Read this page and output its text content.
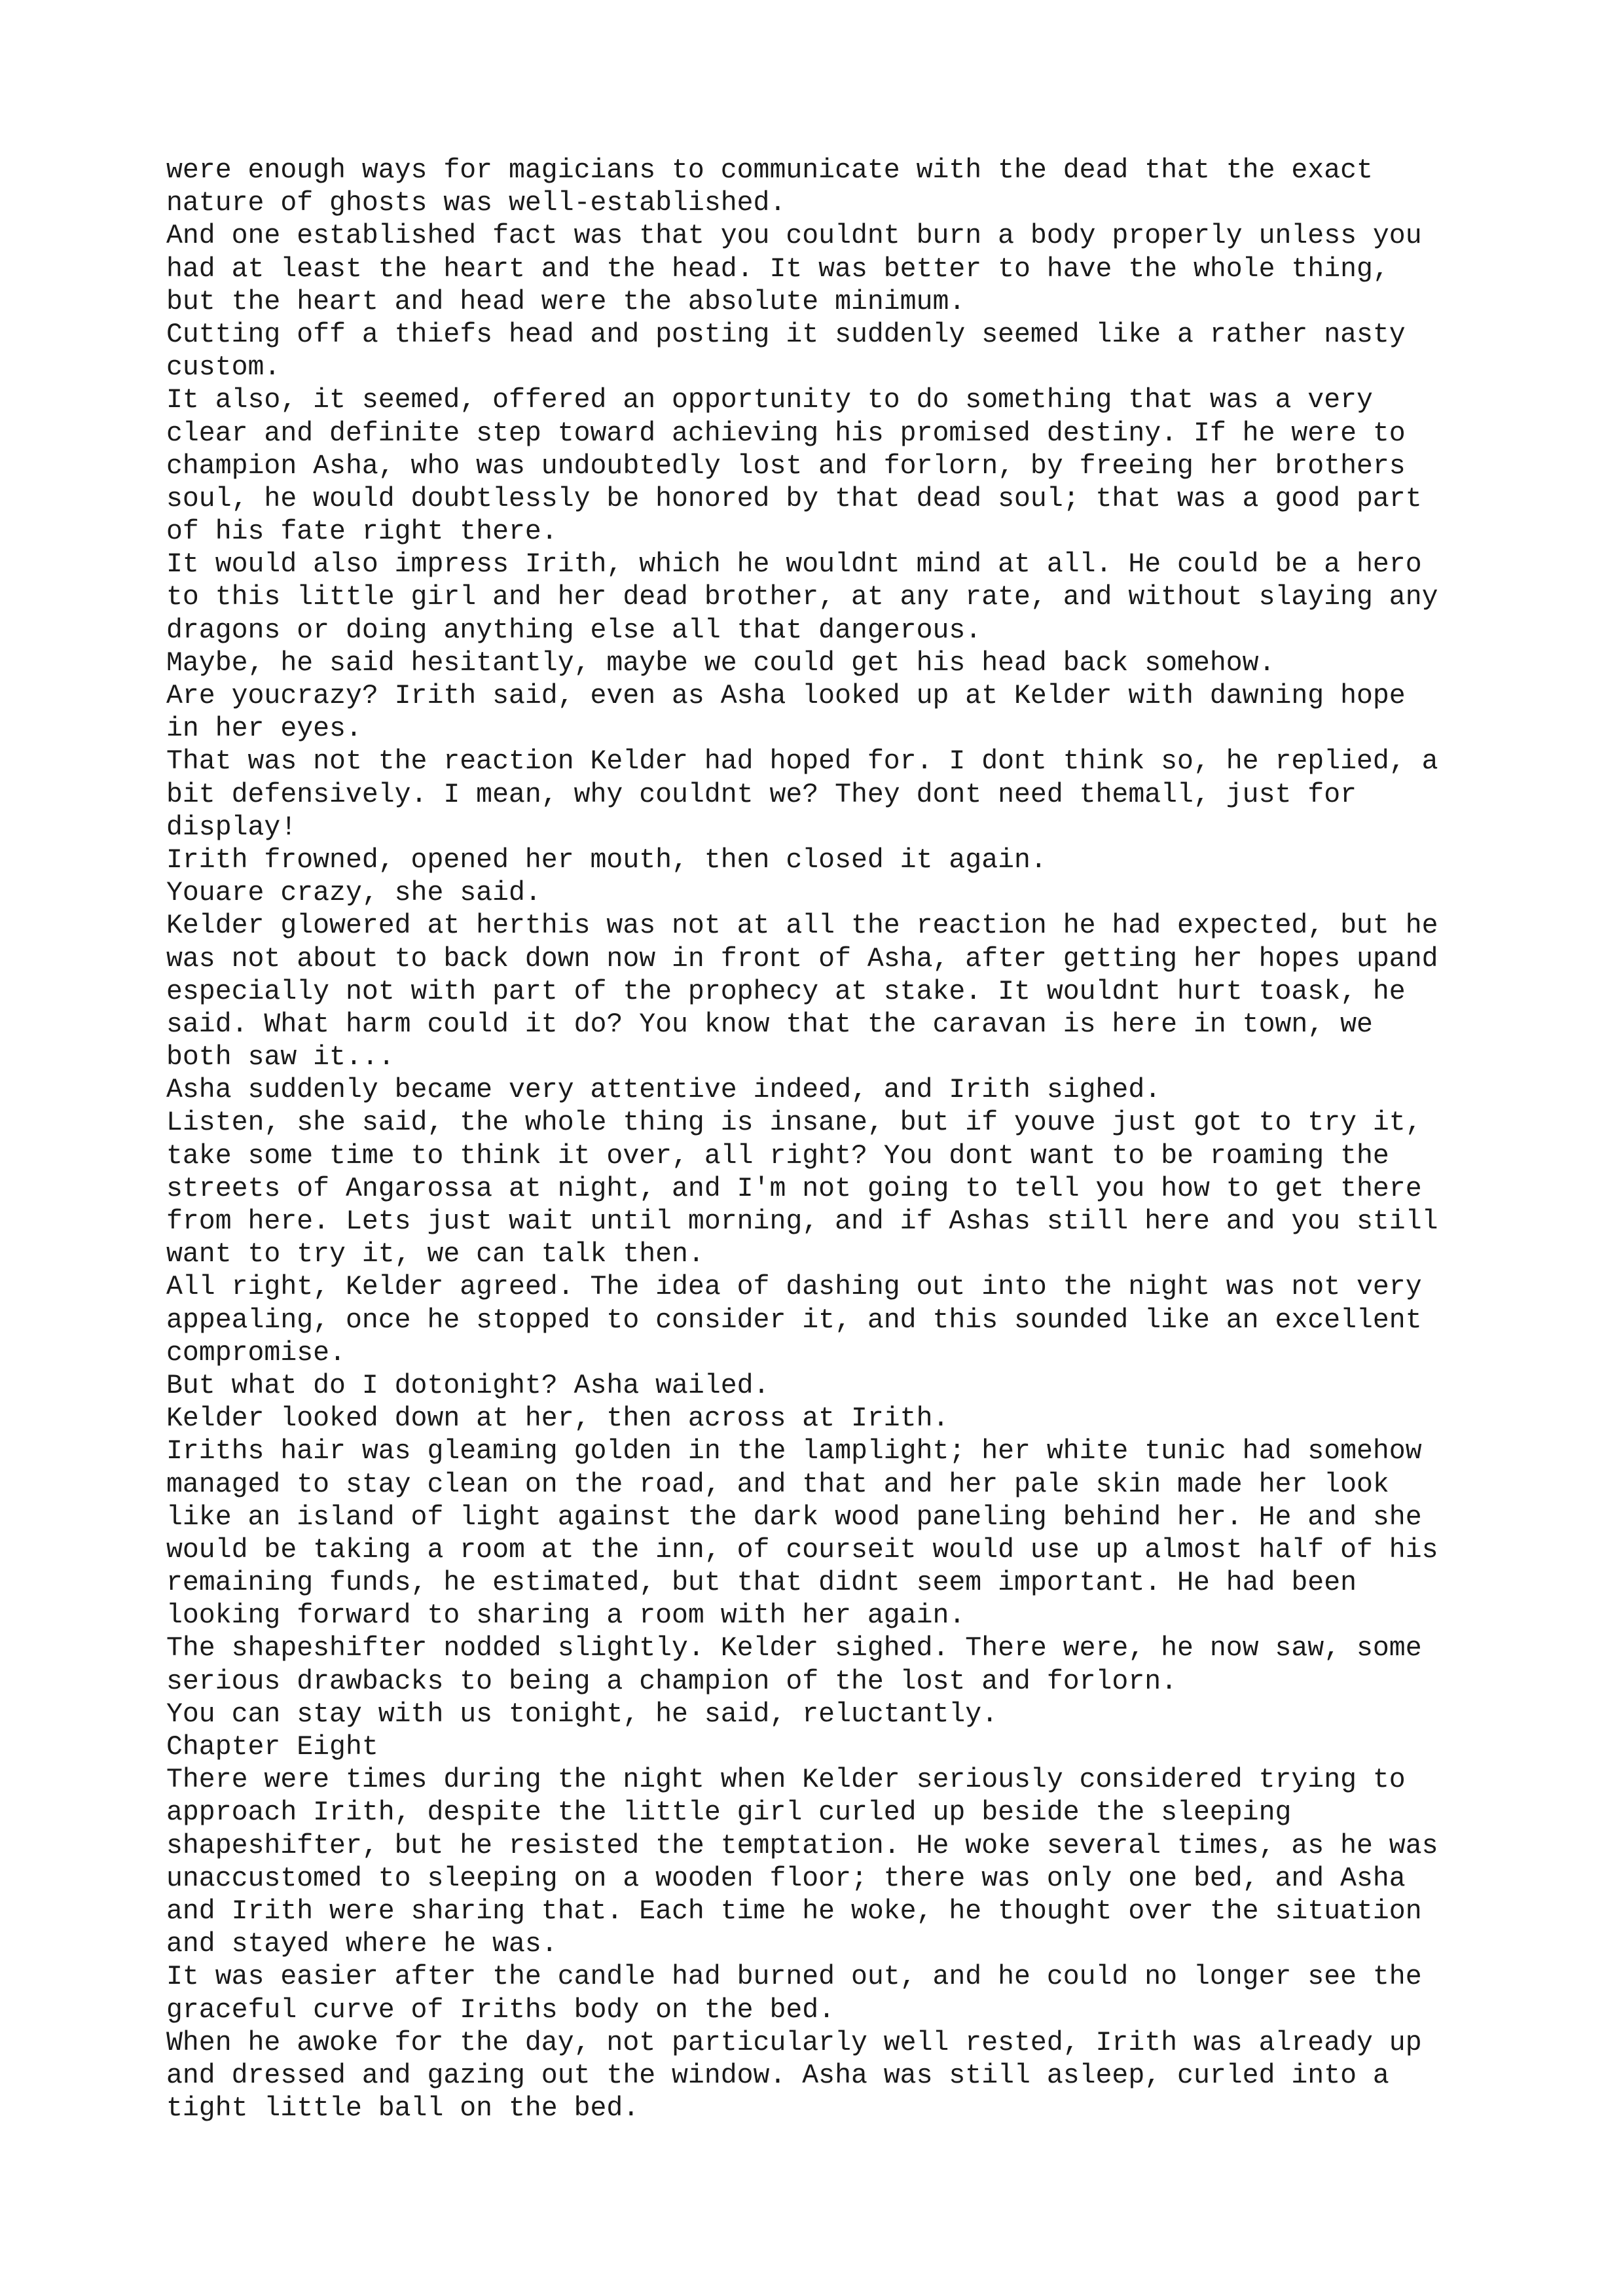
were enough ways for magicians to communicate with the dead that the exact
nature of ghosts was well-established.
And one established fact was that you couldnt burn a body properly unless you
had at least the heart and the head. It was better to have the whole thing,
but the heart and head were the absolute minimum.
Cutting off a thiefs head and posting it suddenly seemed like a rather nasty
custom.
It also, it seemed, offered an opportunity to do something that was a very
clear and definite step toward achieving his promised destiny. If he were to
champion Asha, who was undoubtedly lost and forlorn, by freeing her brothers
soul, he would doubtlessly be honored by that dead soul; that was a good part
of his fate right there.
It would also impress Irith, which he wouldnt mind at all. He could be a hero
to this little girl and her dead brother, at any rate, and without slaying any
dragons or doing anything else all that dangerous.
Maybe, he said hesitantly, maybe we could get his head back somehow.
Are youcrazy? Irith said, even as Asha looked up at Kelder with dawning hope
in her eyes.
That was not the reaction Kelder had hoped for. I dont think so, he replied, a
bit defensively. I mean, why couldnt we? They dont need themall, just for
display!
Irith frowned, opened her mouth, then closed it again.
Youare crazy, she said.
Kelder glowered at herthis was not at all the reaction he had expected, but he
was not about to back down now in front of Asha, after getting her hopes upand
especially not with part of the prophecy at stake. It wouldnt hurt toask, he
said. What harm could it do? You know that the caravan is here in town, we
both saw it...
Asha suddenly became very attentive indeed, and Irith sighed.
Listen, she said, the whole thing is insane, but if youve just got to try it,
take some time to think it over, all right? You dont want to be roaming the
streets of Angarossa at night, and I'm not going to tell you how to get there
from here. Lets just wait until morning, and if Ashas still here and you still
want to try it, we can talk then.
All right, Kelder agreed. The idea of dashing out into the night was not very
appealing, once he stopped to consider it, and this sounded like an excellent
compromise.
But what do I dotonight? Asha wailed.
Kelder looked down at her, then across at Irith.
Iriths hair was gleaming golden in the lamplight; her white tunic had somehow
managed to stay clean on the road, and that and her pale skin made her look
like an island of light against the dark wood paneling behind her. He and she
would be taking a room at the inn, of courseit would use up almost half of his
remaining funds, he estimated, but that didnt seem important. He had been
looking forward to sharing a room with her again.
The shapeshifter nodded slightly. Kelder sighed. There were, he now saw, some
serious drawbacks to being a champion of the lost and forlorn.
You can stay with us tonight, he said, reluctantly.
Chapter Eight
There were times during the night when Kelder seriously considered trying to
approach Irith, despite the little girl curled up beside the sleeping
shapeshifter, but he resisted the temptation. He woke several times, as he was
unaccustomed to sleeping on a wooden floor; there was only one bed, and Asha
and Irith were sharing that. Each time he woke, he thought over the situation
and stayed where he was.
It was easier after the candle had burned out, and he could no longer see the
graceful curve of Iriths body on the bed.
When he awoke for the day, not particularly well rested, Irith was already up
and dressed and gazing out the window. Asha was still asleep, curled into a
tight little ball on the bed.
